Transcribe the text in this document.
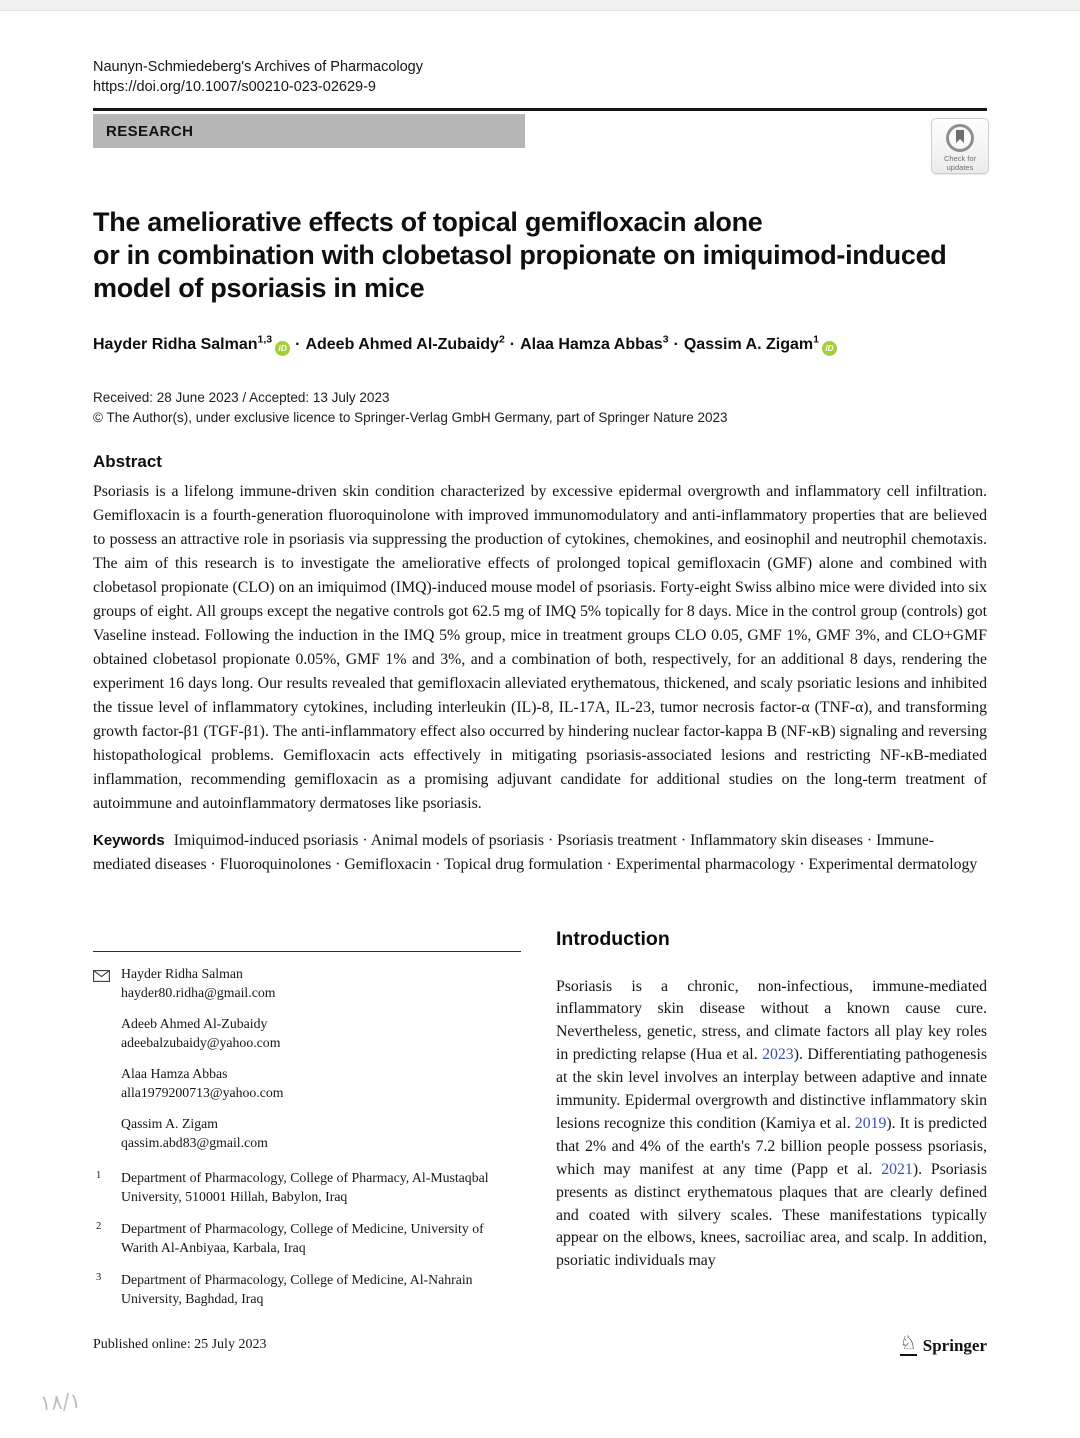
Naunyn-Schmiedeberg's Archives of Pharmacology
https://doi.org/10.1007/s00210-023-02629-9
RESEARCH
Check for
updates
The ameliorative effects of topical gemifloxacin alone
or in combination with clobetasol propionate on imiquimod-induced
model of psoriasis in mice
Hayder Ridha Salman$^{1,3}$iD · Adeeb Ahmed Al-Zubaidy$^2$ · Alaa Hamza Abbas$^3$ · Qassim A. Zigam$^1$iD
Received: 28 June 2023 / Accepted: 13 July 2023
© The Author(s), under exclusive licence to Springer-Verlag GmbH Germany, part of Springer Nature 2023
Abstract
Psoriasis is a lifelong immune-driven skin condition characterized by excessive epidermal overgrowth and inflammatory cell infiltration. Gemifloxacin is a fourth-generation fluoroquinolone with improved immunomodulatory and anti-inflammatory properties that are believed to possess an attractive role in psoriasis via suppressing the production of cytokines, chemokines, and eosinophil and neutrophil chemotaxis. The aim of this research is to investigate the ameliorative effects of prolonged topical gemifloxacin (GMF) alone and combined with clobetasol propionate (CLO) on an imiquimod (IMQ)-induced mouse model of psoriasis. Forty-eight Swiss albino mice were divided into six groups of eight. All groups except the negative controls got 62.5 mg of IMQ 5% topically for 8 days. Mice in the control group (controls) got Vaseline instead. Following the induction in the IMQ 5% group, mice in treatment groups CLO 0.05, GMF 1%, GMF 3%, and CLO+GMF obtained clobetasol propionate 0.05%, GMF 1% and 3%, and a combination of both, respectively, for an additional 8 days, rendering the experiment 16 days long. Our results revealed that gemifloxacin alleviated erythematous, thickened, and scaly psoriatic lesions and inhibited the tissue level of inflammatory cytokines, including interleukin (IL)-8, IL-17A, IL-23, tumor necrosis factor-α (TNF-α), and transforming growth factor-β1 (TGF-β1). The anti-inflammatory effect also occurred by hindering nuclear factor-kappa B (NF-κB) signaling and reversing histopathological problems. Gemifloxacin acts effectively in mitigating psoriasis-associated lesions and restricting NF-κB-mediated inflammation, recommending gemifloxacin as a promising adjuvant candidate for additional studies on the long-term treatment of autoimmune and autoinflammatory dermatoses like psoriasis.
Keywords Imiquimod-induced psoriasis · Animal models of psoriasis · Psoriasis treatment · Inflammatory skin diseases · Immune-mediated diseases · Fluoroquinolones · Gemifloxacin · Topical drug formulation · Experimental pharmacology · Experimental dermatology
Hayder Ridha Salman
hayder80.ridha@gmail.com
Adeeb Ahmed Al-Zubaidy
adeebalzubaidy@yahoo.com
Alaa Hamza Abbas
alla1979200713@yahoo.com
Qassim A. Zigam
qassim.abd83@gmail.com
1 Department of Pharmacology, College of Pharmacy, Al-Mustaqbal University, 510001 Hillah, Babylon, Iraq
2 Department of Pharmacology, College of Medicine, University of Warith Al-Anbiyaa, Karbala, Iraq
3 Department of Pharmacology, College of Medicine, Al-Nahrain University, Baghdad, Iraq
Introduction

Psoriasis is a chronic, non-infectious, immune-mediated inflammatory skin disease without a known cause cure. Nevertheless, genetic, stress, and climate factors all play key roles in predicting relapse (Hua et al. 2023). Differentiating pathogenesis at the skin level involves an interplay between adaptive and innate immunity. Epidermal overgrowth and distinctive inflammatory skin lesions recognize this condition (Kamiya et al. 2019). It is predicted that 2% and 4% of the earth's 7.2 billion people possess psoriasis, which may manifest at any time (Papp et al. 2021). Psoriasis presents as distinct erythematous plaques that are clearly defined and coated with silvery scales. These manifestations typically appear on the elbows, knees, sacroiliac area, and scalp. In addition, psoriatic individuals may

Published online: 25 July 2023	♘ Springer
١٨/١
